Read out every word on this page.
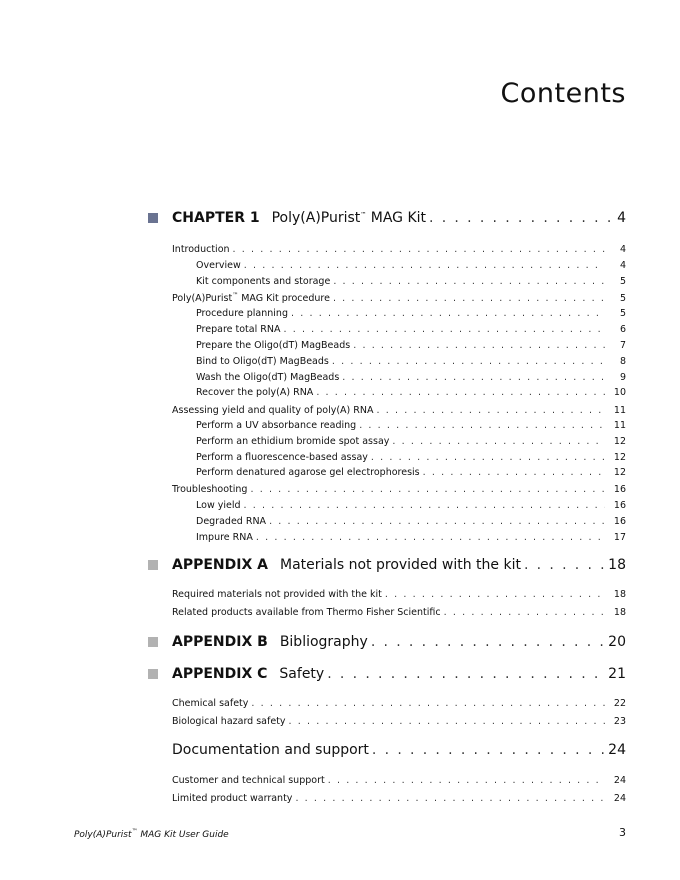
Contents
CHAPTER 1 Poly(A)Purist™ MAG Kit . . .	4
Introduction . . .	4
Overview . . .	4
Kit components and storage . . .	5
Poly(A)Purist™ MAG Kit procedure . . .	5
Procedure planning . . .	5
Prepare total RNA . . .	6
Prepare the Oligo(dT) MagBeads . . .	7
Bind to Oligo(dT) MagBeads . . .	8
Wash the Oligo(dT) MagBeads . . .	9
Recover the poly(A) RNA . . .	10
Assessing yield and quality of poly(A) RNA . . .	11
Perform a UV absorbance reading . . .	11
Perform an ethidium bromide spot assay . . .	12
Perform a fluorescence-based assay . . .	12
Perform denatured agarose gel electrophoresis . . .	12
Troubleshooting . . .	16
Low yield . . .	16
Degraded RNA . . .	16
Impure RNA . . .	17
APPENDIX A Materials not provided with the kit . . .	18
Required materials not provided with the kit . . .	18
Related products available from Thermo Fisher Scientific . . .	18
APPENDIX B Bibliography . . .	20
APPENDIX C Safety . . .	21
Chemical safety . . .	22
Biological hazard safety . . .	23
Documentation and support . . .	24
Customer and technical support . . .	24
Limited product warranty . . .	24
Poly(A)Purist™ MAG Kit User Guide	3
